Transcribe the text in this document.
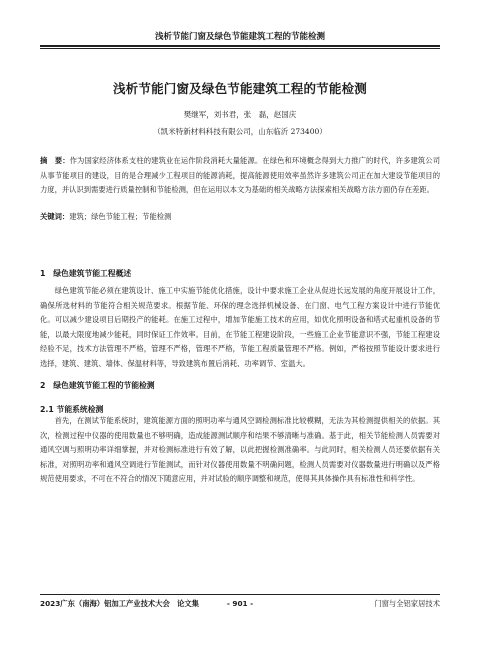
浅析节能门窗及绿色节能建筑工程的节能检测
浅析节能门窗及绿色节能建筑工程的节能检测
樊继军，刘书君，张　磊，赵国庆
（凯米特新材料科技有限公司，山东临沂 273400）
摘　要：作为国家经济体系支柱的建筑业在运作阶段消耗大量能源。在绿色和环境概念得到大力推广的时代，许多建筑公司从事节能项目的建设，目的是合理减少工程项目的能源消耗，提高能源使用效率虽然许多建筑公司正在加大建设节能项目的力度，并认识到需要进行质量控制和节能检测，但在运用以本文为基础的相关战略方法探索相关战略方法方面仍存在差距。
关键词：建筑；绿色节能工程；节能检测
1　绿色建筑节能工程概述
绿色建筑节能必须在建筑设计、施工中实施节能优化措施，设计中要求施工企业从促进长远发展的角度开展设计工作，确保所选材料的节能符合相关规范要求。根据节能、环保的理念选择机械设备、在门窗、电气工程方案设计中进行节能优化。可以减少建设项目后期投产的能耗。在施工过程中，增加节能施工技术的应用，如优化照明设备和塔式起重机设备的节能，以最大限度地减少能耗，同时保证工作效率。目前，在节能工程建设阶段，一些施工企业节能意识不强，节能工程建设经验不足，技术方法管理不严格，管理不严格，管理不严格，节能工程质量管理不严格。例如，严格按照节能设计要求进行选择，建筑、建筑、墙体、保温材料等，导致建筑布置后消耗、功率调节、室温大。
2　绿色建筑节能工程的节能检测
2.1 节能系统检测
首先，在测试节能系统时，建筑能源方面的照明功率与通风空调检测标准比较模糊，无法为其检测提供相关的依据。其次，检测过程中仪器的使用数量也不够明确，造成能源测试顺序和结果不够清晰与准确。基于此，相关节能检测人员需要对通风空调与照明功率详细掌握，并对检测标准进行有效了解，以此把握检测准确率。与此同时，相关检测人员还要依据有关标准，对照明功率和通风空调进行节能测试，而针对仪器使用数量不明确问题，检测人员需要对仪器数量进行明确以及严格规范使用要求，不可在不符合的情况下随意应用，并对试验的顺序调整和规范，使得其具体操作具有标准性和科学性。
2023广东（南海）铝加工产业技术大会　论文集	- 901 -	门窗与全铝家居技术
